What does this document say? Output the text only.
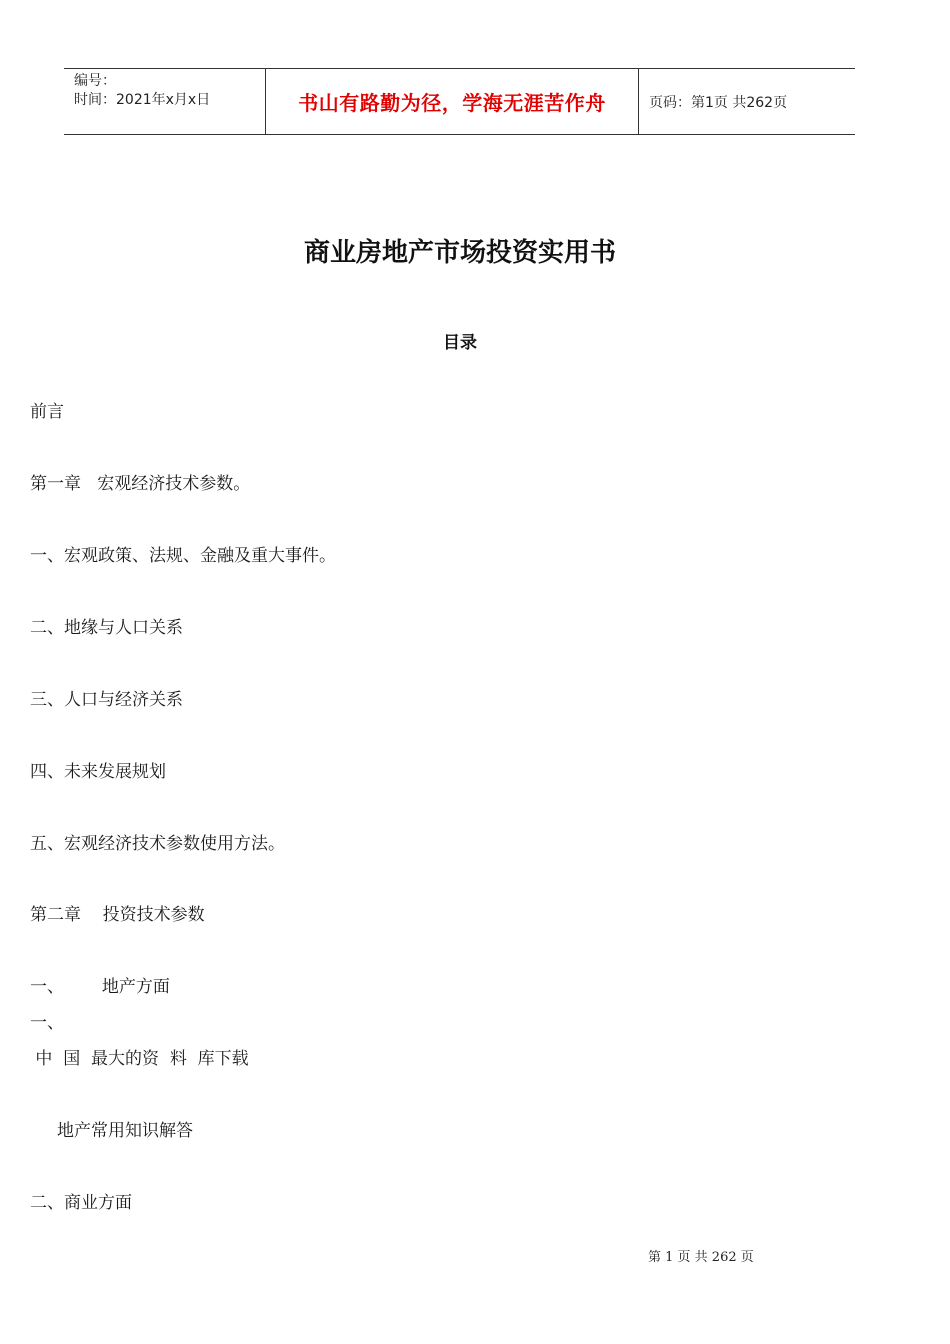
编号：
时间：2021年x月x日	书山有路勤为径，学海无涯苦作舟	页码：第1页 共262页
商业房地产市场投资实用书
目录
前言
第一章   宏观经济技术参数。
一、宏观政策、法规、金融及重大事件。
二、地缘与人口关系
三、人口与经济关系
四、未来发展规划
五、宏观经济技术参数使用方法。
第二章    投资技术参数
一、       地产方面
一、
中  国  最大的资  料  库下载
地产常用知识解答
二、商业方面
第 1 页 共 262 页
